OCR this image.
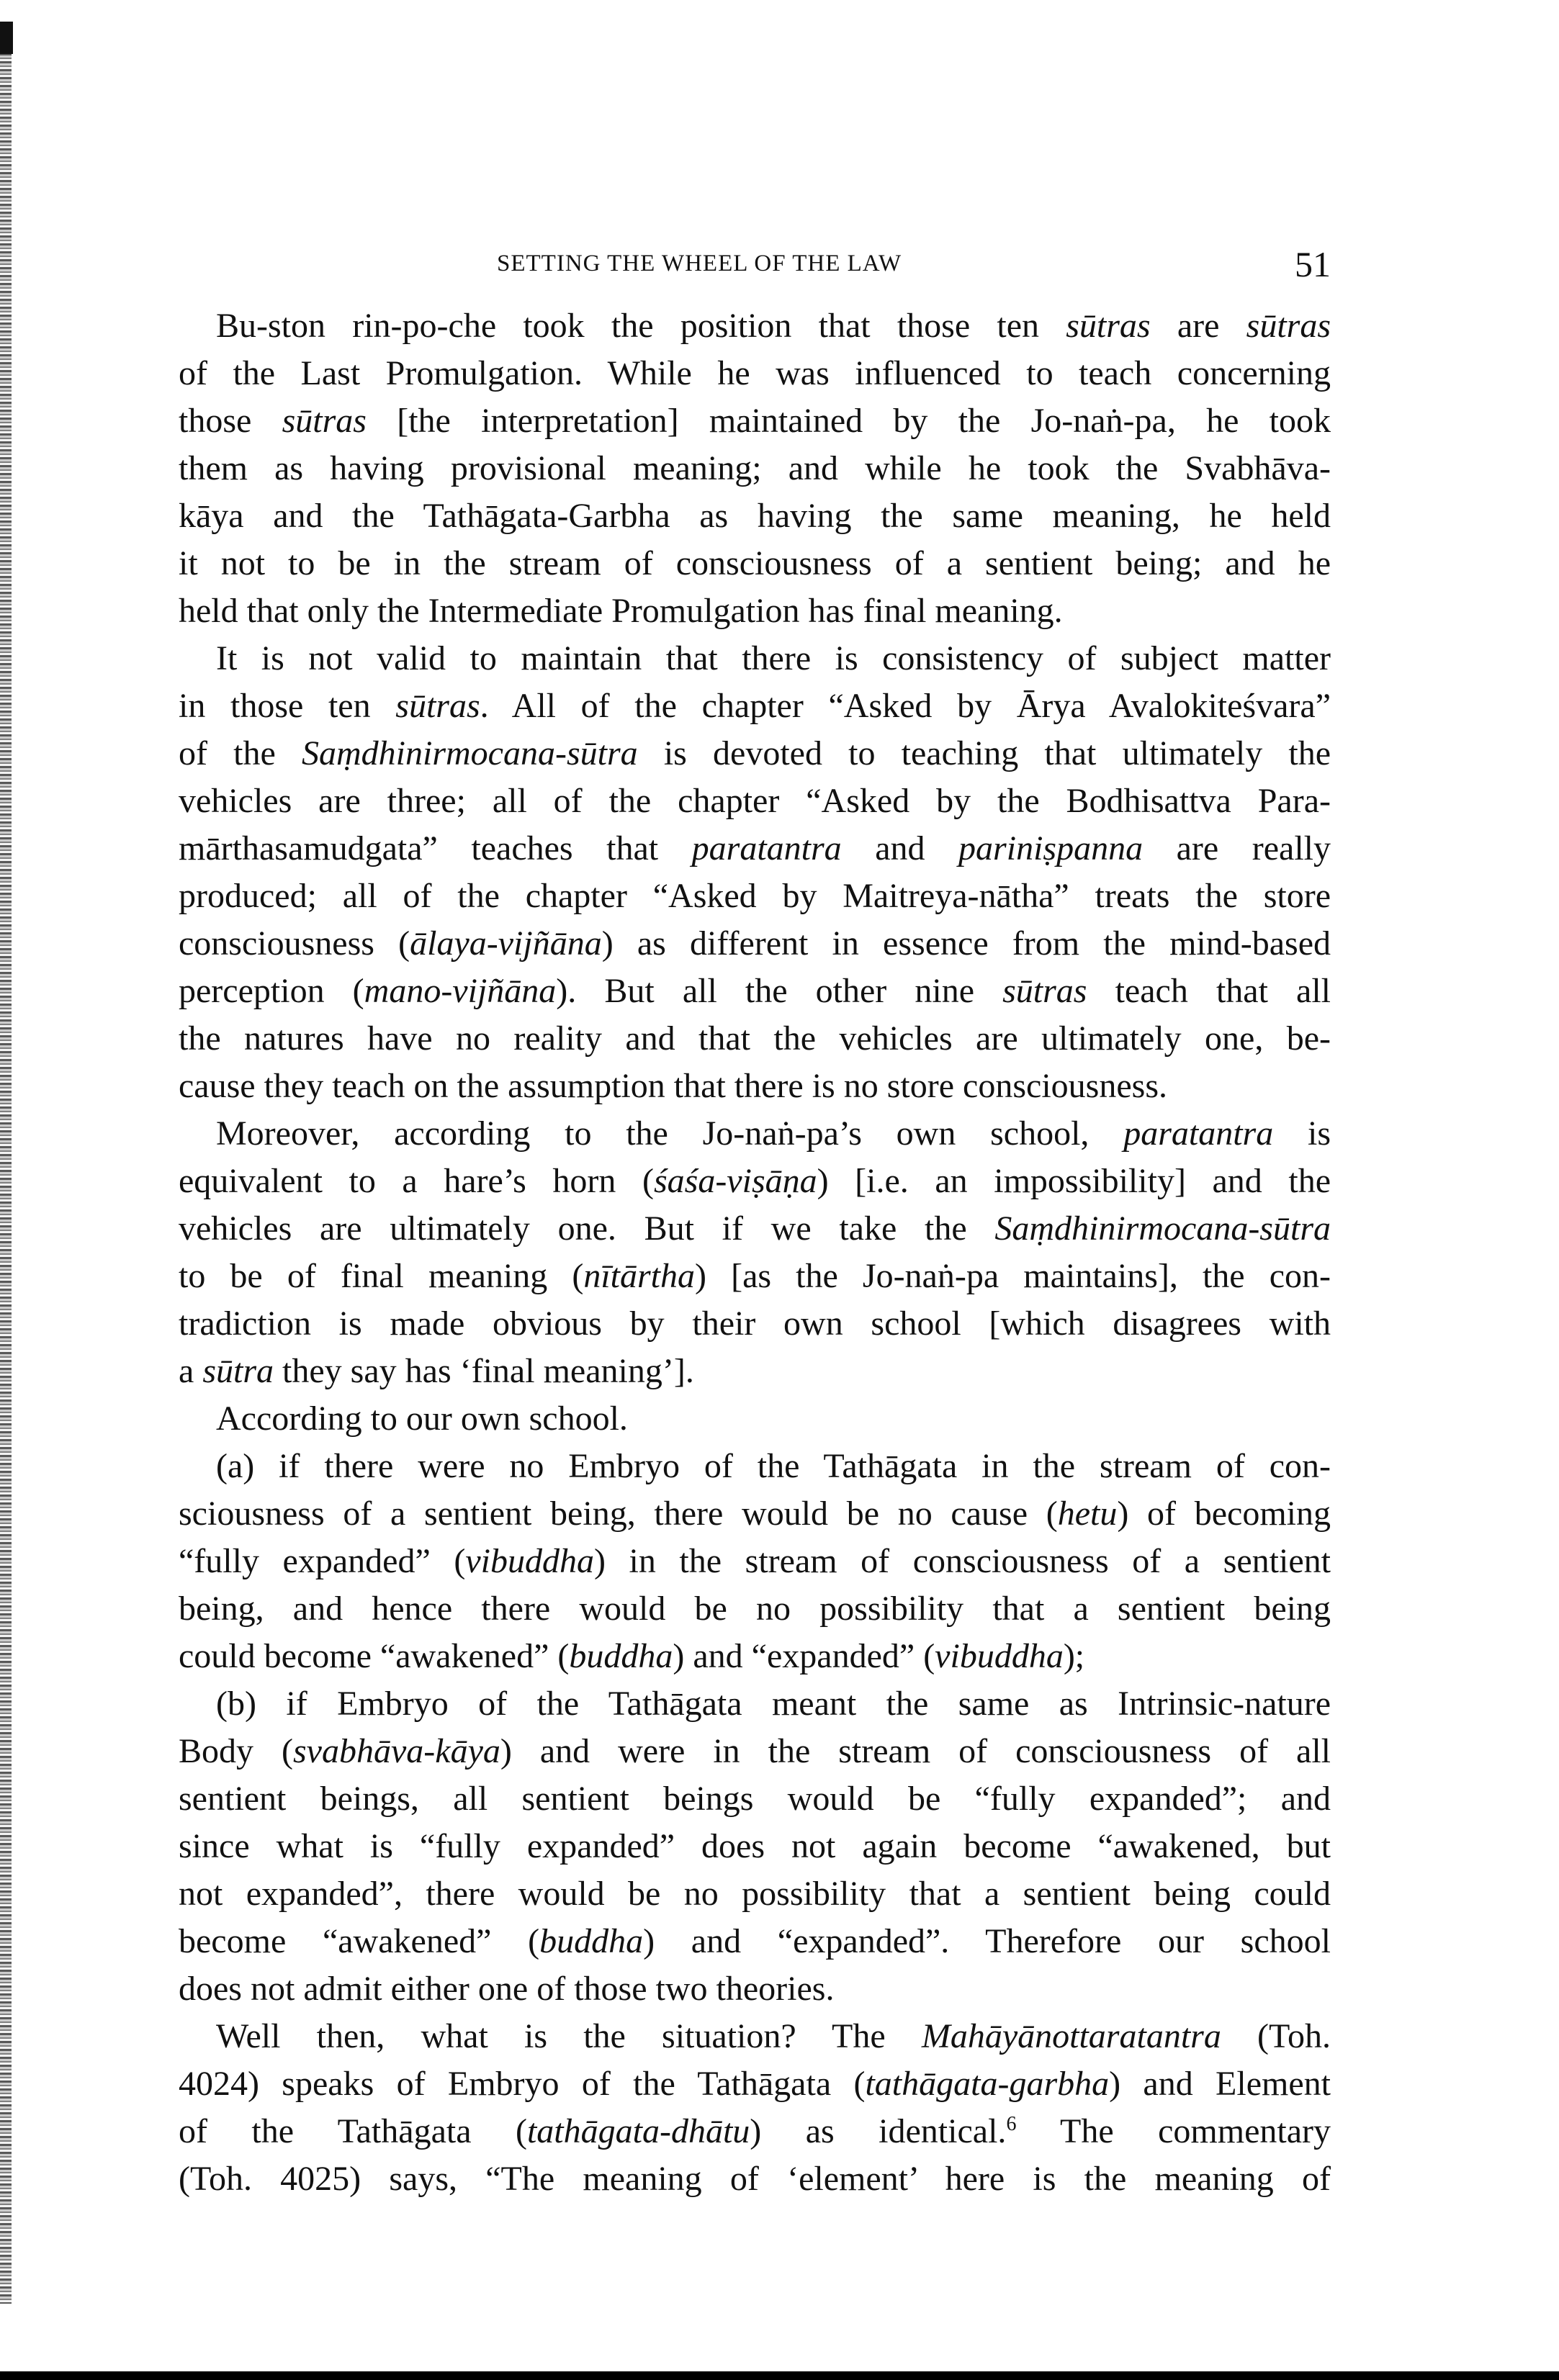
SETTING THE WHEEL OF THE LAW	51
Bu-ston rin-po-che took the position that those ten sūtras are sūtras
of the Last Promulgation. While he was influenced to teach concerning
those sūtras [the interpretation] maintained by the Jo-naṅ-pa, he took
them as having provisional meaning; and while he took the Svabhāva-
kāya and the Tathāgata-Garbha as having the same meaning, he held
it not to be in the stream of consciousness of a sentient being; and he
held that only the Intermediate Promulgation has final meaning.
It is not valid to maintain that there is consistency of subject matter
in those ten sūtras. All of the chapter “Asked by Ārya Avalokiteśvara”
of the Saṃdhinirmocana-sūtra is devoted to teaching that ultimately the
vehicles are three; all of the chapter “Asked by the Bodhisattva Para-
mārthasamudgata” teaches that paratantra and pariniṣpanna are really
produced; all of the chapter “Asked by Maitreya-nātha” treats the store
consciousness (ālaya-vijñāna) as different in essence from the mind-based
perception (mano-vijñāna). But all the other nine sūtras teach that all
the natures have no reality and that the vehicles are ultimately one, be-
cause they teach on the assumption that there is no store consciousness.
Moreover, according to the Jo-naṅ-pa’s own school, paratantra is
equivalent to a hare’s horn (śaśa-viṣāṇa) [i.e. an impossibility] and the
vehicles are ultimately one. But if we take the Saṃdhinirmocana-sūtra
to be of final meaning (nītārtha) [as the Jo-naṅ-pa maintains], the con-
tradiction is made obvious by their own school [which disagrees with
a sūtra they say has ‘final meaning’].
According to our own school.
(a) if there were no Embryo of the Tathāgata in the stream of con-
sciousness of a sentient being, there would be no cause (hetu) of becoming
“fully expanded” (vibuddha) in the stream of consciousness of a sentient
being, and hence there would be no possibility that a sentient being
could become “awakened” (buddha) and “expanded” (vibuddha);
(b) if Embryo of the Tathāgata meant the same as Intrinsic-nature
Body (svabhāva-kāya) and were in the stream of consciousness of all
sentient beings, all sentient beings would be “fully expanded”; and
since what is “fully expanded” does not again become “awakened, but
not expanded”, there would be no possibility that a sentient being could
become “awakened” (buddha) and “expanded”. Therefore our school
does not admit either one of those two theories.
Well then, what is the situation? The Mahāyānottaratantra (Toh.
4024) speaks of Embryo of the Tathāgata (tathāgata-garbha) and Element
of the Tathāgata (tathāgata-dhātu) as identical.$^6$ The commentary
(Toh. 4025) says, “The meaning of ‘element’ here is the meaning of
